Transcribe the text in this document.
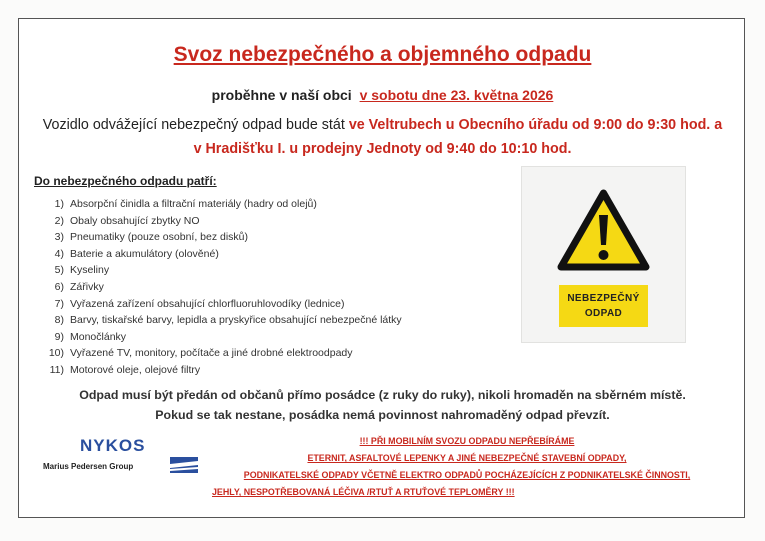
Svoz nebezpečného a objemného odpadu
proběhne v naší obci v sobotu dne 23. května 2026
Vozidlo odvážející nebezpečný odpad bude stát ve Veltrubech u Obecního úřadu od 9:00 do 9:30 hod. a
v Hradišťku I. u prodejny Jednoty od 9:40 do 10:10 hod.
Do nebezpečného odpadu patří:
1) Absorpční činidla a filtrační materiály (hadry od olejů)
2) Obaly obsahující zbytky NO
3) Pneumatiky (pouze osobní, bez disků)
4) Baterie a akumulátory (olověné)
5) Kyseliny
6) Zářivky
7) Vyřazená zařízení obsahující chlorfluoruhlovodíky (lednice)
8) Barvy, tiskařské barvy, lepidla a pryskyřice obsahující nebezpečné látky
9) Monočlánky
10) Vyřazené TV, monitory, počítače a jiné drobné elektroodpady
11) Motorové oleje, olejové filtry
NEBEZPEČNÝ
ODPAD
Odpad musí být předán od občanů přímo posádce (z ruky do ruky), nikoli hromaděn na sběrném místě.
Pokud se tak nestane, posádka nemá povinnost nahromaděný odpad převzít.
NYKOS
Marius Pedersen Group
!!! PŘI MOBILNÍM SVOZU ODPADU NEPŘEBÍRÁME
ETERNIT, ASFALTOVÉ LEPENKY A JINÉ NEBEZPEČNÉ STAVEBNÍ ODPADY,
PODNIKATELSKÉ ODPADY VČETNĚ ELEKTRO ODPADŮ POCHÁZEJÍCÍCH Z PODNIKATELSKÉ ČINNOSTI,
JEHLY, NESPOTŘEBOVANÁ LÉČIVA /RTUŤ A RTUŤOVÉ TEPLOMĚRY !!!
